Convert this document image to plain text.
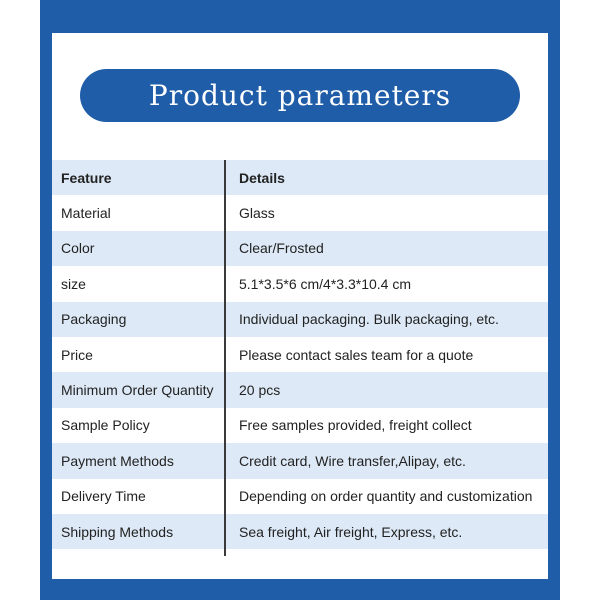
Product parameters
Feature	Details
Material	Glass
Color	Clear/Frosted
size	5.1*3.5*6 cm/4*3.3*10.4 cm
Packaging	Individual packaging. Bulk packaging, etc.
Price	Please contact sales team for a quote
Minimum Order Quantity	20 pcs
Sample Policy	Free samples provided, freight collect
Payment Methods	Credit card, Wire transfer,Alipay, etc.
Delivery Time	Depending on order quantity and customization
Shipping Methods	Sea freight, Air freight, Express, etc.
